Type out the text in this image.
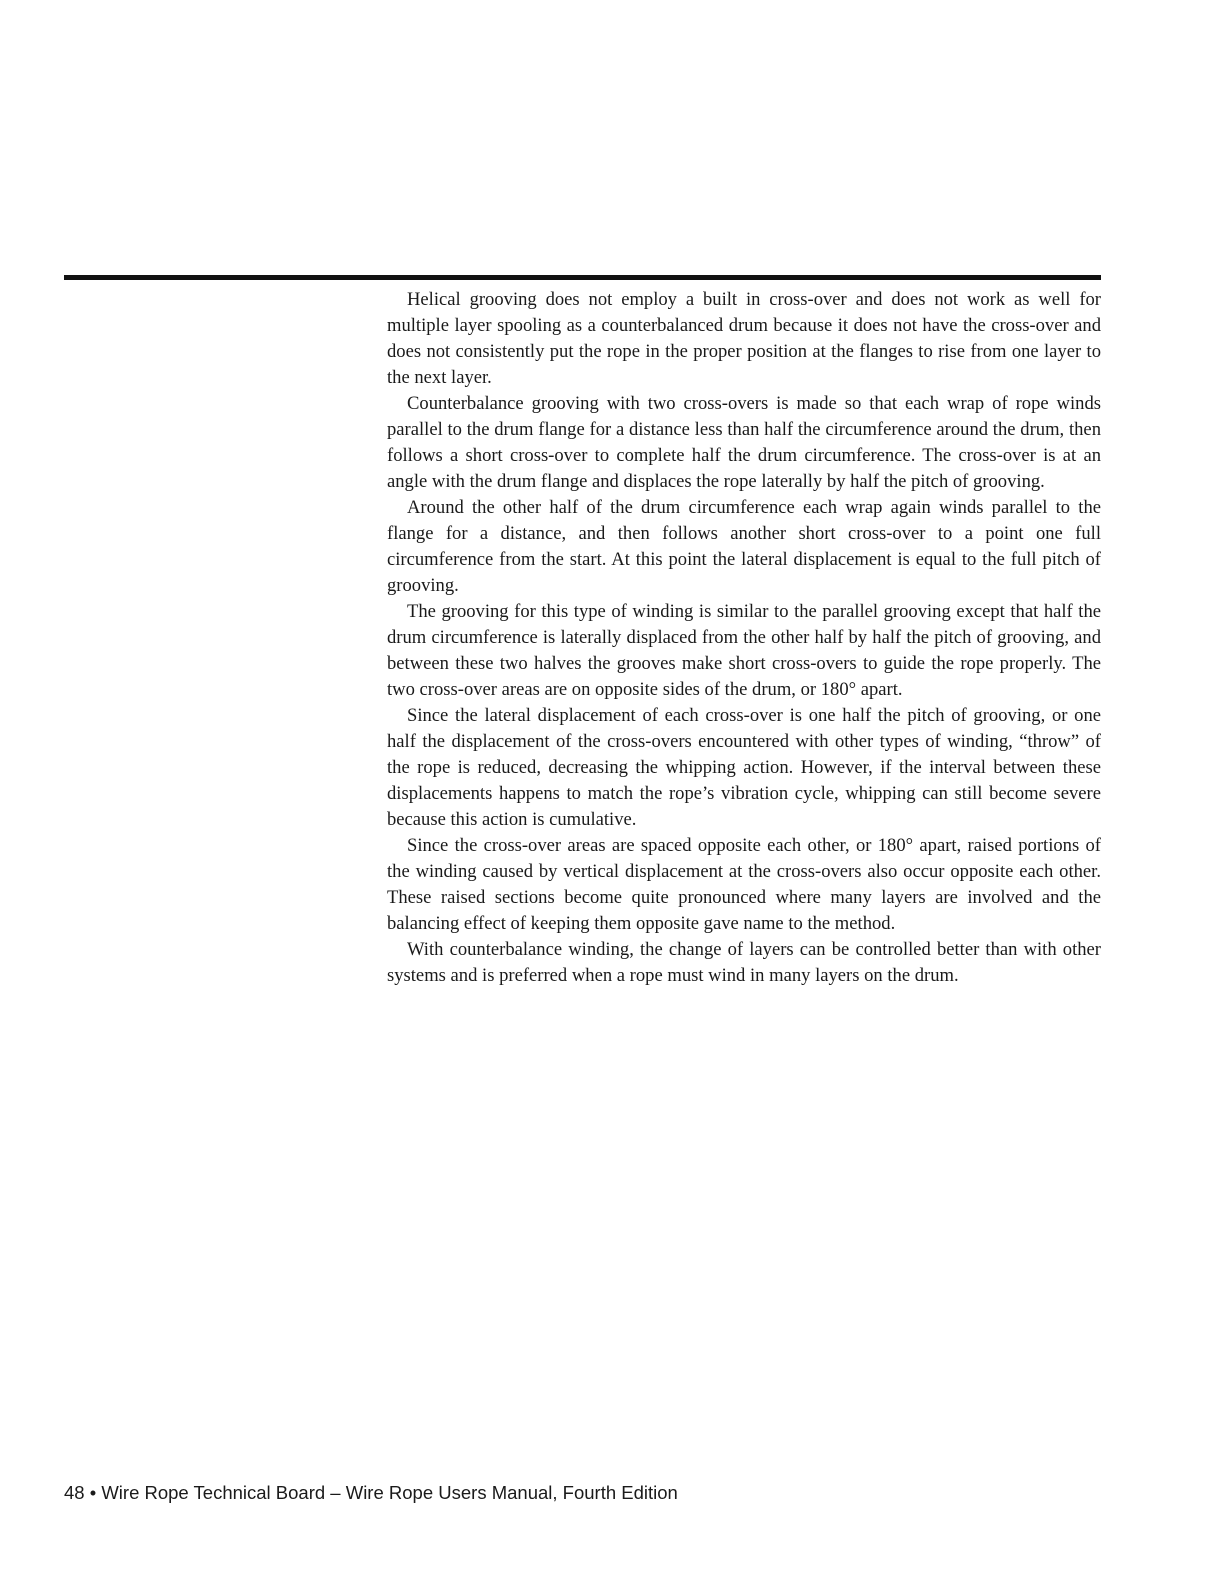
Helical grooving does not employ a built in cross-over and does not work as well for multiple layer spooling as a counterbalanced drum because it does not have the cross-over and does not consistently put the rope in the proper position at the flanges to rise from one layer to the next layer.

Counterbalance grooving with two cross-overs is made so that each wrap of rope winds parallel to the drum flange for a distance less than half the circumference around the drum, then follows a short cross-over to complete half the drum circumference. The cross-over is at an angle with the drum flange and displaces the rope laterally by half the pitch of grooving.

Around the other half of the drum circumference each wrap again winds parallel to the flange for a distance, and then follows another short cross-over to a point one full circumference from the start. At this point the lateral displacement is equal to the full pitch of grooving.

The grooving for this type of winding is similar to the parallel grooving except that half the drum circumference is laterally displaced from the other half by half the pitch of grooving, and between these two halves the grooves make short cross-overs to guide the rope properly. The two cross-over areas are on opposite sides of the drum, or 180° apart.

Since the lateral displacement of each cross-over is one half the pitch of grooving, or one half the displacement of the cross-overs encountered with other types of winding, “throw” of the rope is reduced, decreasing the whipping action. However, if the interval between these displacements happens to match the rope’s vibration cycle, whipping can still become severe because this action is cumulative.

Since the cross-over areas are spaced opposite each other, or 180° apart, raised portions of the winding caused by vertical displacement at the cross-overs also occur opposite each other. These raised sections become quite pronounced where many layers are involved and the balancing effect of keeping them opposite gave name to the method.

With counterbalance winding, the change of layers can be controlled better than with other systems and is preferred when a rope must wind in many layers on the drum.

48 • Wire Rope Technical Board – Wire Rope Users Manual, Fourth Edition
